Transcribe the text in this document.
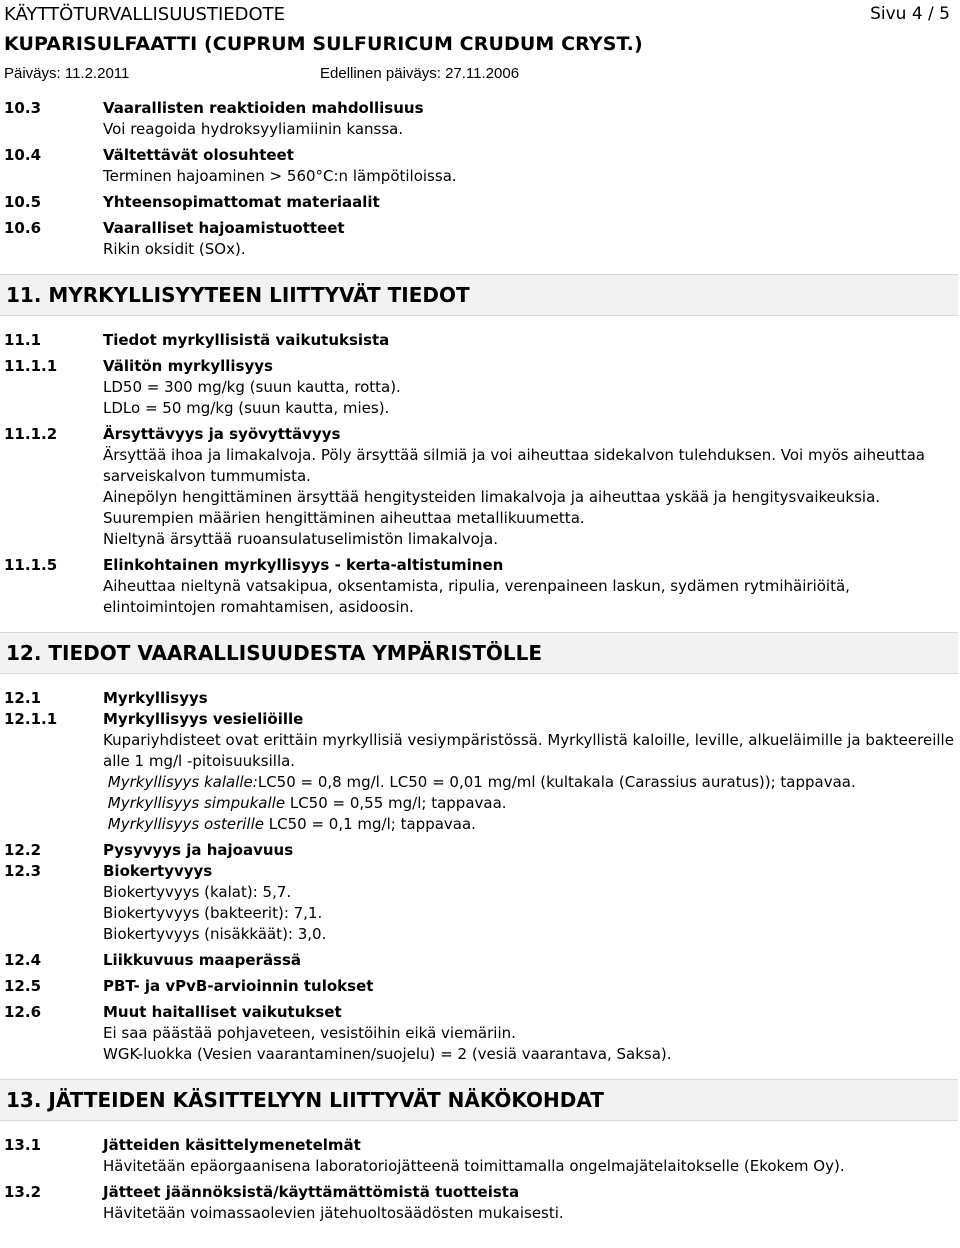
KÄYTTÖTURVALLISUUSTIEDOTE	Sivu 4 / 5
KUPARISULFAATTI (CUPRUM SULFURICUM CRUDUM CRYST.)
Päiväys: 11.2.2011	Edellinen päiväys: 27.11.2006
10.3	Vaarallisten reaktioiden mahdollisuus
Voi reagoida hydroksyyliamiinin kanssa.
10.4	Vältettävät olosuhteet
Terminen hajoaminen > 560°C:n lämpötiloissa.
10.5	Yhteensopimattomat materiaalit
10.6	Vaaralliset hajoamistuotteet
Rikin oksidit (SOx).
11. MYRKYLLISYYTEEN LIITTYVÄT TIEDOT
11.1	Tiedot myrkyllisistä vaikutuksista
11.1.1	Välitön myrkyllisyys
LD50 = 300 mg/kg (suun kautta, rotta).
LDLo = 50 mg/kg (suun kautta, mies).
11.1.2	Ärsyttävyys ja syövyttävyys
Ärsyttää ihoa ja limakalvoja. Pöly ärsyttää silmiä ja voi aiheuttaa sidekalvon tulehduksen. Voi myös aiheuttaa sarveiskalvon tummumista.
Ainepölyn hengittäminen ärsyttää hengitysteiden limakalvoja ja aiheuttaa yskää ja hengitysvaikeuksia.
Suurempien määrien hengittäminen aiheuttaa metallikuumetta.
Nieltynä ärsyttää ruoansulatuselimistön limakalvoja.
11.1.5	Elinkohtainen myrkyllisyys - kerta-altistuminen
Aiheuttaa nieltynä vatsakipua, oksentamista, ripulia, verenpaineen laskun, sydämen rytmihäiriöitä, elintoimintojen romahtamisen, asidoosin.
12. TIEDOT VAARALLISUUDESTA YMPÄRISTÖLLE
12.1	Myrkyllisyys
12.1.1	Myrkyllisyys vesieliöille
Kupariyhdisteet ovat erittäin myrkyllisiä vesiympäristössä. Myrkyllistä kaloille, leville, alkueläimille ja bakteereille alle 1 mg/l -pitoisuuksilla.
Myrkyllisyys kalalle:LC50 = 0,8 mg/l. LC50 = 0,01 mg/ml (kultakala (Carassius auratus)); tappavaa.
Myrkyllisyys simpukalle LC50 = 0,55 mg/l; tappavaa.
Myrkyllisyys osterille LC50 = 0,1 mg/l; tappavaa.
12.2	Pysyvyys ja hajoavuus
12.3	Biokertyvyys
Biokertyvyys (kalat): 5,7.
Biokertyvyys (bakteerit): 7,1.
Biokertyvyys (nisäkkäät): 3,0.
12.4	Liikkuvuus maaperässä
12.5	PBT- ja vPvB-arvioinnin tulokset
12.6	Muut haitalliset vaikutukset
Ei saa päästää pohjaveteen, vesistöihin eikä viemäriin.
WGK-luokka (Vesien vaarantaminen/suojelu) = 2 (vesiä vaarantava, Saksa).
13. JÄTTEIDEN KÄSITTELYYN LIITTYVÄT NÄKÖKOHDAT
13.1	Jätteiden käsittelymenetelmät
Hävitetään epäorgaanisena laboratoriojätteenä toimittamalla ongelmajätelaitokselle (Ekokem Oy).
13.2	Jätteet jäännöksistä/käyttämättömistä tuotteista
Hävitetään voimassaolevien jätehuoltosäädösten mukaisesti.
